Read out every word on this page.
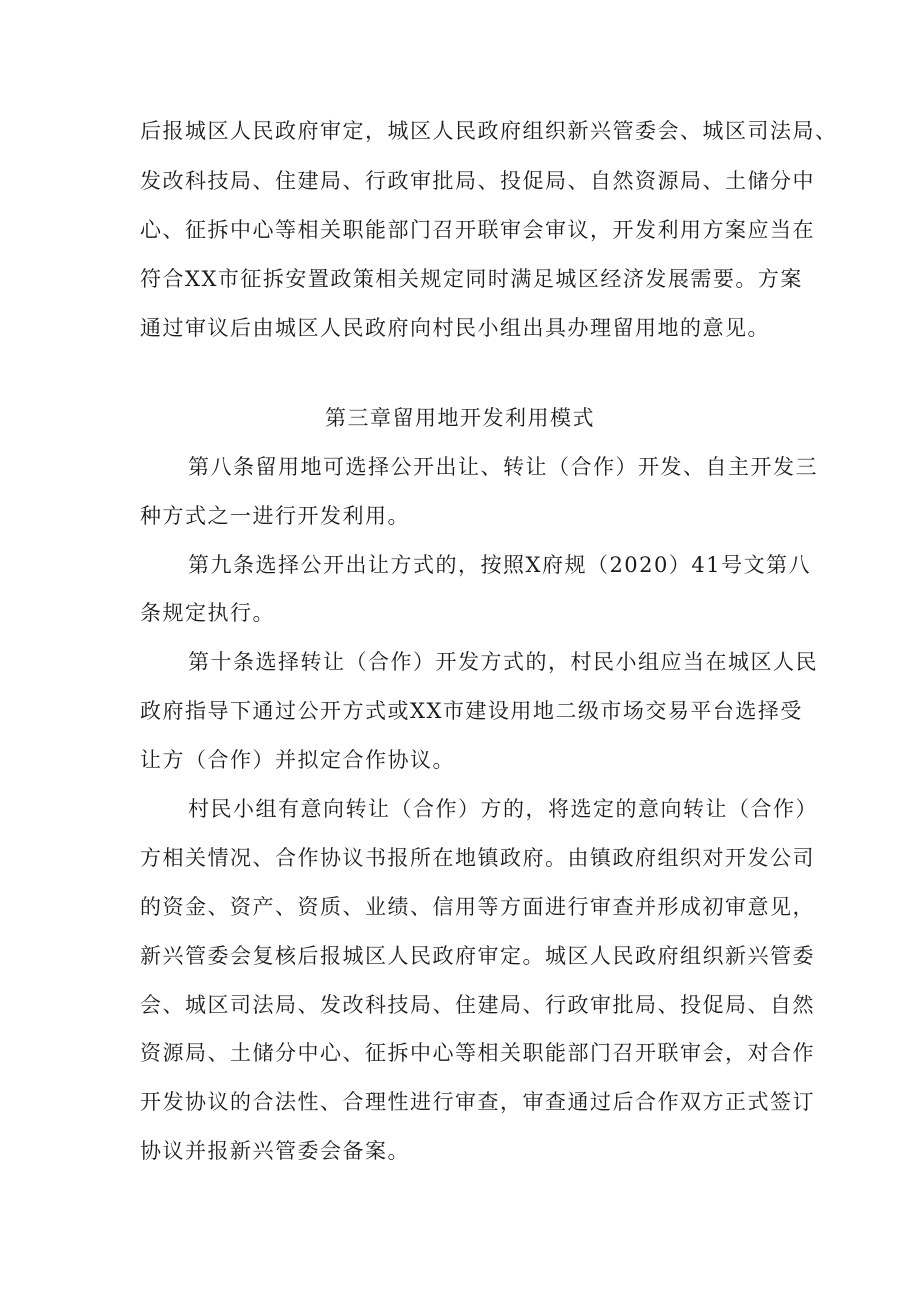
后报城区人民政府审定，城区人民政府组织新兴管委会、城区司法局、
发改科技局、住建局、行政审批局、投促局、自然资源局、土储分中
心、征拆中心等相关职能部门召开联审会审议，开发利用方案应当在
符合XX市征拆安置政策相关规定同时满足城区经济发展需要。方案
通过审议后由城区人民政府向村民小组出具办理留用地的意见。
第三章留用地开发利用模式
第八条留用地可选择公开出让、转让（合作）开发、自主开发三
种方式之一进行开发利用。
第九条选择公开出让方式的，按照X府规（2020）41号文第八
条规定执行。
第十条选择转让（合作）开发方式的，村民小组应当在城区人民
政府指导下通过公开方式或XX市建设用地二级市场交易平台选择受
让方（合作）并拟定合作协议。
村民小组有意向转让（合作）方的，将选定的意向转让（合作）
方相关情况、合作协议书报所在地镇政府。由镇政府组织对开发公司
的资金、资产、资质、业绩、信用等方面进行审查并形成初审意见，
新兴管委会复核后报城区人民政府审定。城区人民政府组织新兴管委
会、城区司法局、发改科技局、住建局、行政审批局、投促局、自然
资源局、土储分中心、征拆中心等相关职能部门召开联审会，对合作
开发协议的合法性、合理性进行审查，审查通过后合作双方正式签订
协议并报新兴管委会备案。
